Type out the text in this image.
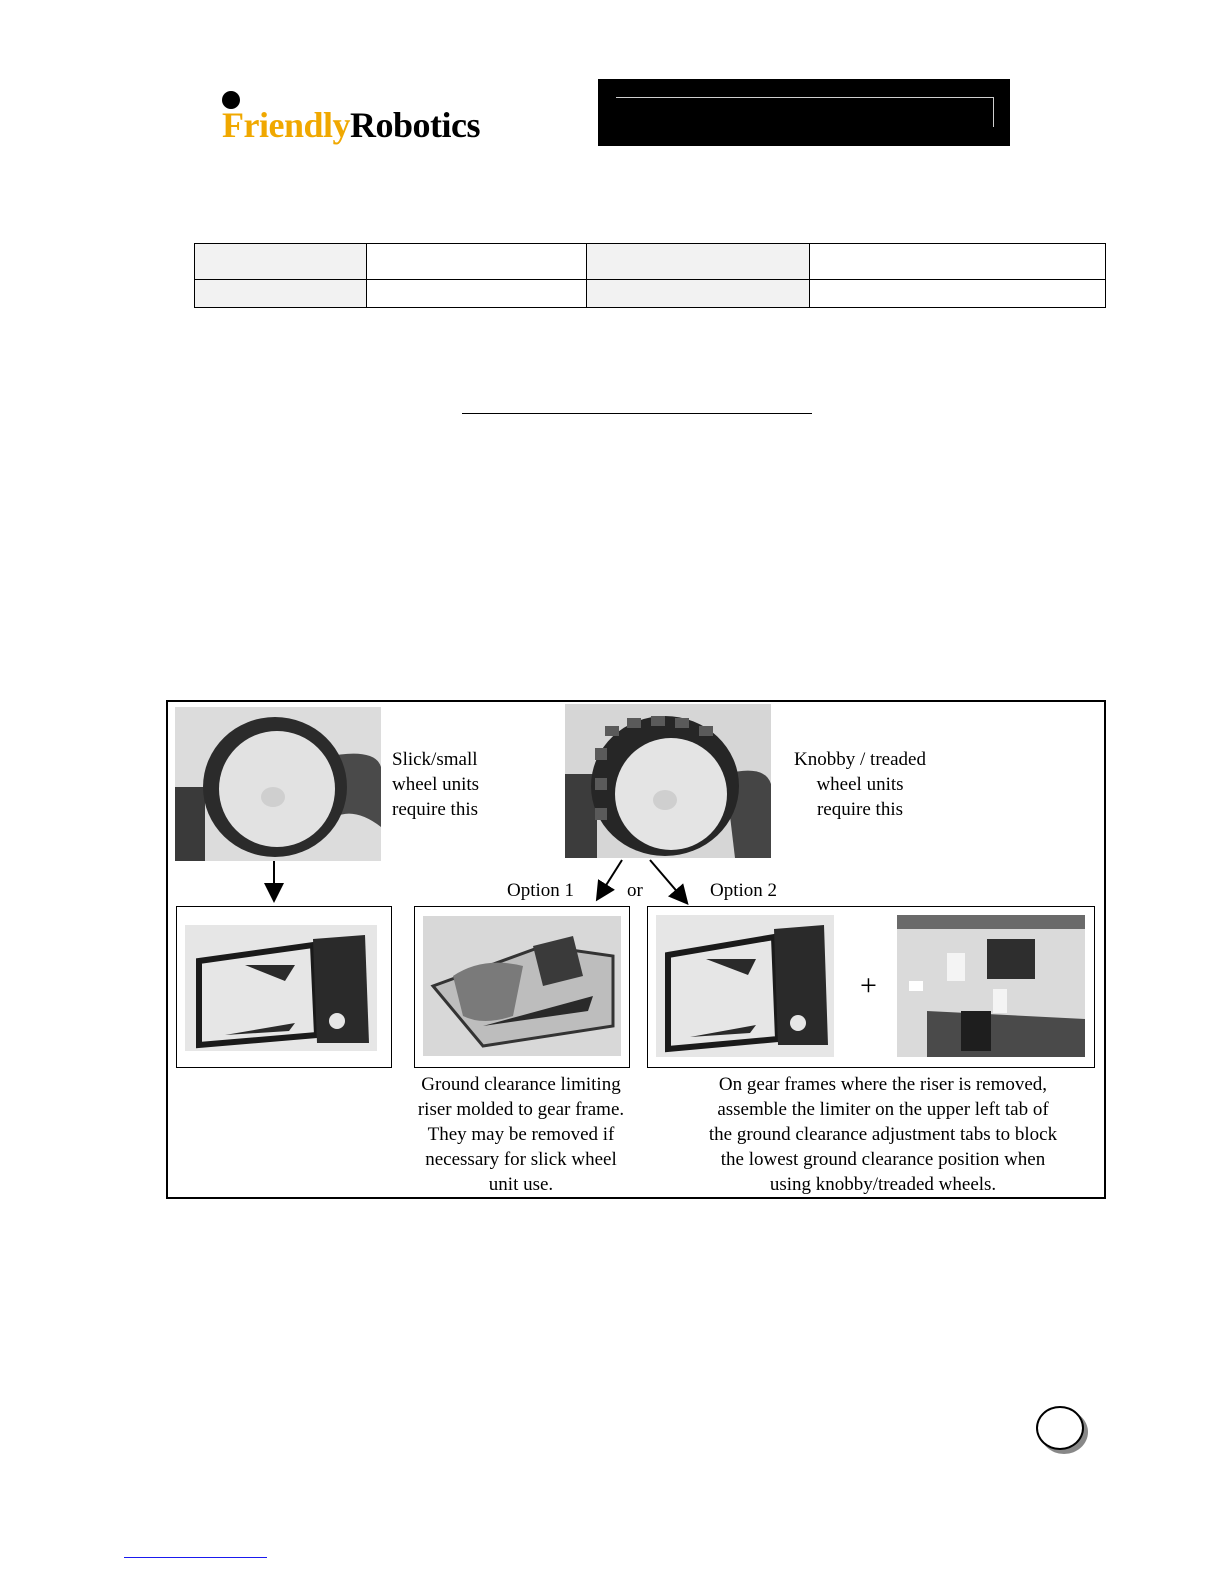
FriendlyRobotics

Slick/small
wheel units
require this
Knobby / treaded
wheel units
require this
Option 1	or	Option 2
+
Ground clearance limiting
riser molded to gear frame.
They may be removed if
necessary for slick wheel
unit use.
On gear frames where the riser is removed,
assemble the limiter on the upper left tab of
the ground clearance adjustment tabs to block
the lowest ground clearance position when
using knobby/treaded wheels.
